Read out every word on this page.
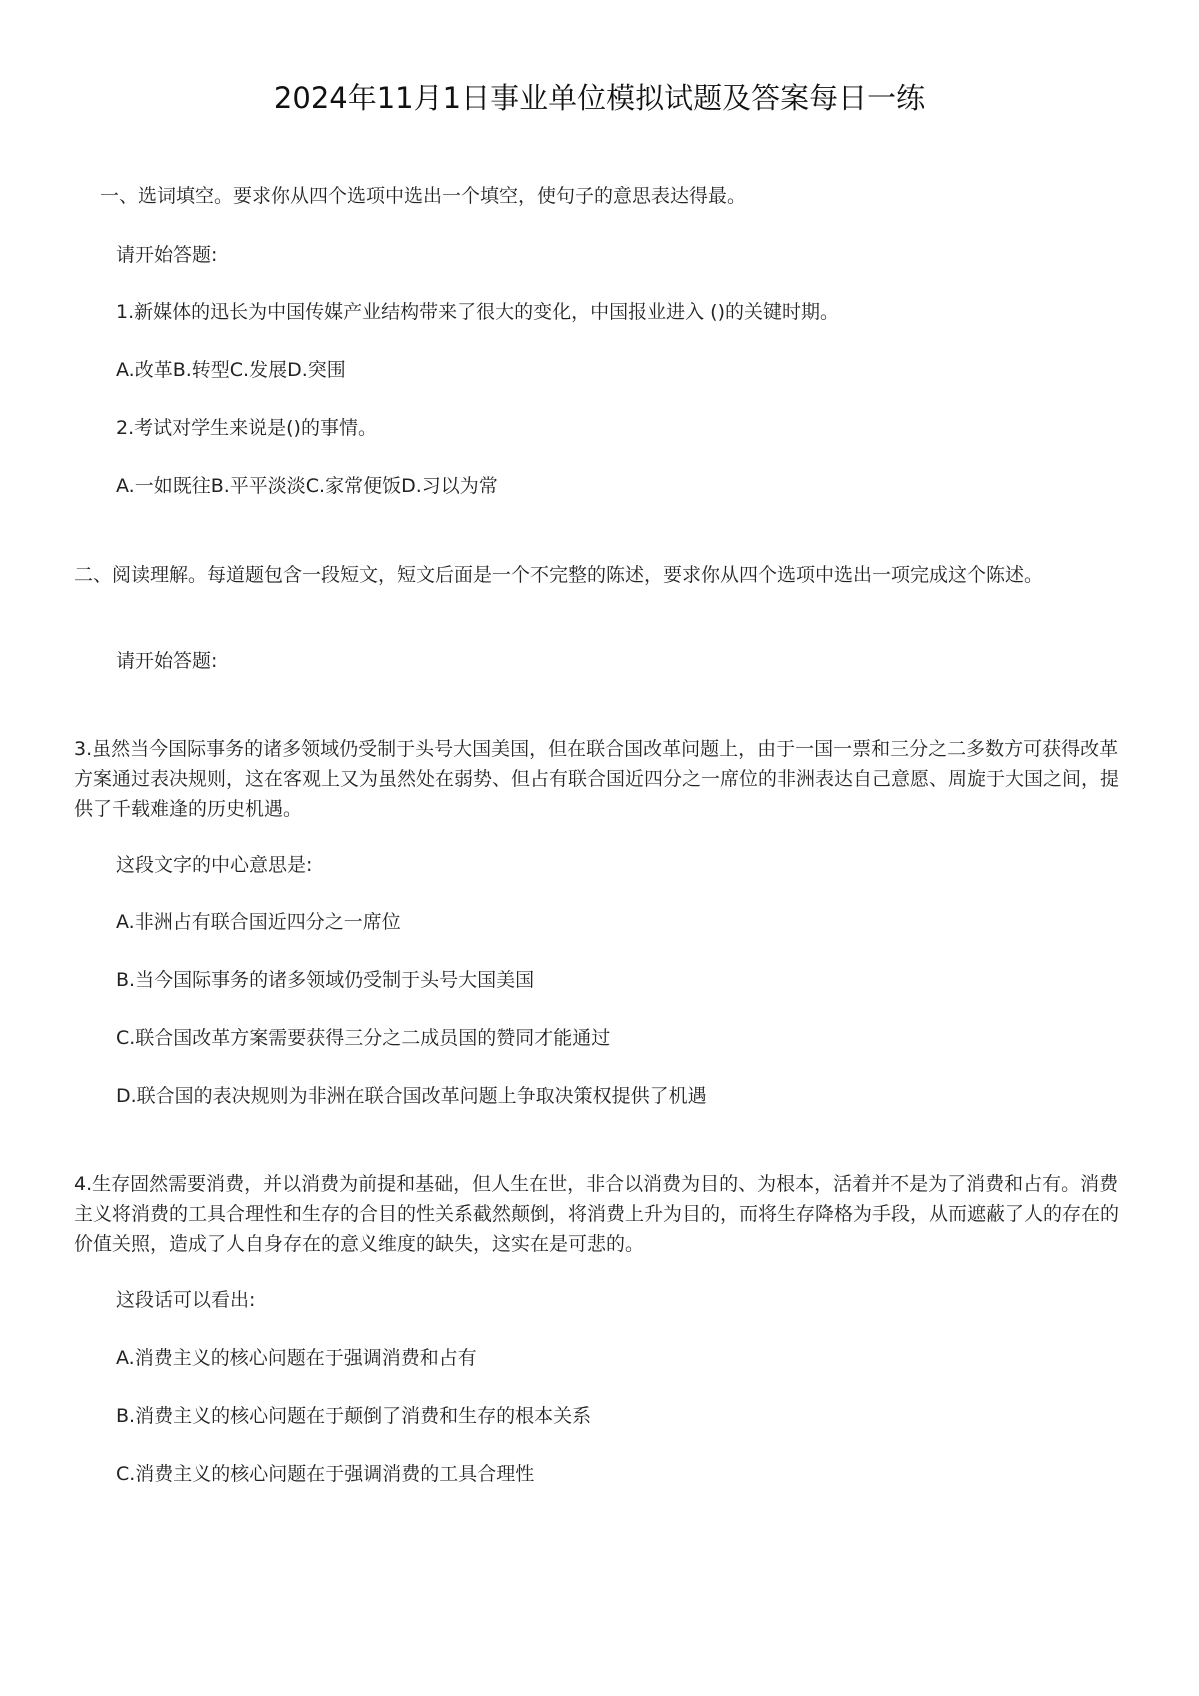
2024年11月1日事业单位模拟试题及答案每日一练
一、选词填空。要求你从四个选项中选出一个填空，使句子的意思表达得最。
请开始答题:
1.新媒体的迅长为中国传媒产业结构带来了很大的变化，中国报业进入 ()的关键时期。
A.改革B.转型C.发展D.突围
2.考试对学生来说是()的事情。
A.一如既往B.平平淡淡C.家常便饭D.习以为常
二、阅读理解。每道题包含一段短文，短文后面是一个不完整的陈述，要求你从四个选项中选出一项完成这个陈述。
请开始答题:
3.虽然当今国际事务的诸多领域仍受制于头号大国美国，但在联合国改革问题上，由于一国一票和三分之二多数方可获得改革方案通过表决规则，这在客观上又为虽然处在弱势、但占有联合国近四分之一席位的非洲表达自己意愿、周旋于大国之间，提供了千载难逢的历史机遇。
这段文字的中心意思是:
A.非洲占有联合国近四分之一席位
B.当今国际事务的诸多领域仍受制于头号大国美国
C.联合国改革方案需要获得三分之二成员国的赞同才能通过
D.联合国的表决规则为非洲在联合国改革问题上争取决策权提供了机遇
4.生存固然需要消费，并以消费为前提和基础，但人生在世，非合以消费为目的、为根本，活着并不是为了消费和占有。消费主义将消费的工具合理性和生存的合目的性关系截然颠倒，将消费上升为目的，而将生存降格为手段，从而遮蔽了人的存在的价值关照，造成了人自身存在的意义维度的缺失，这实在是可悲的。
这段话可以看出:
A.消费主义的核心问题在于强调消费和占有
B.消费主义的核心问题在于颠倒了消费和生存的根本关系
C.消费主义的核心问题在于强调消费的工具合理性
